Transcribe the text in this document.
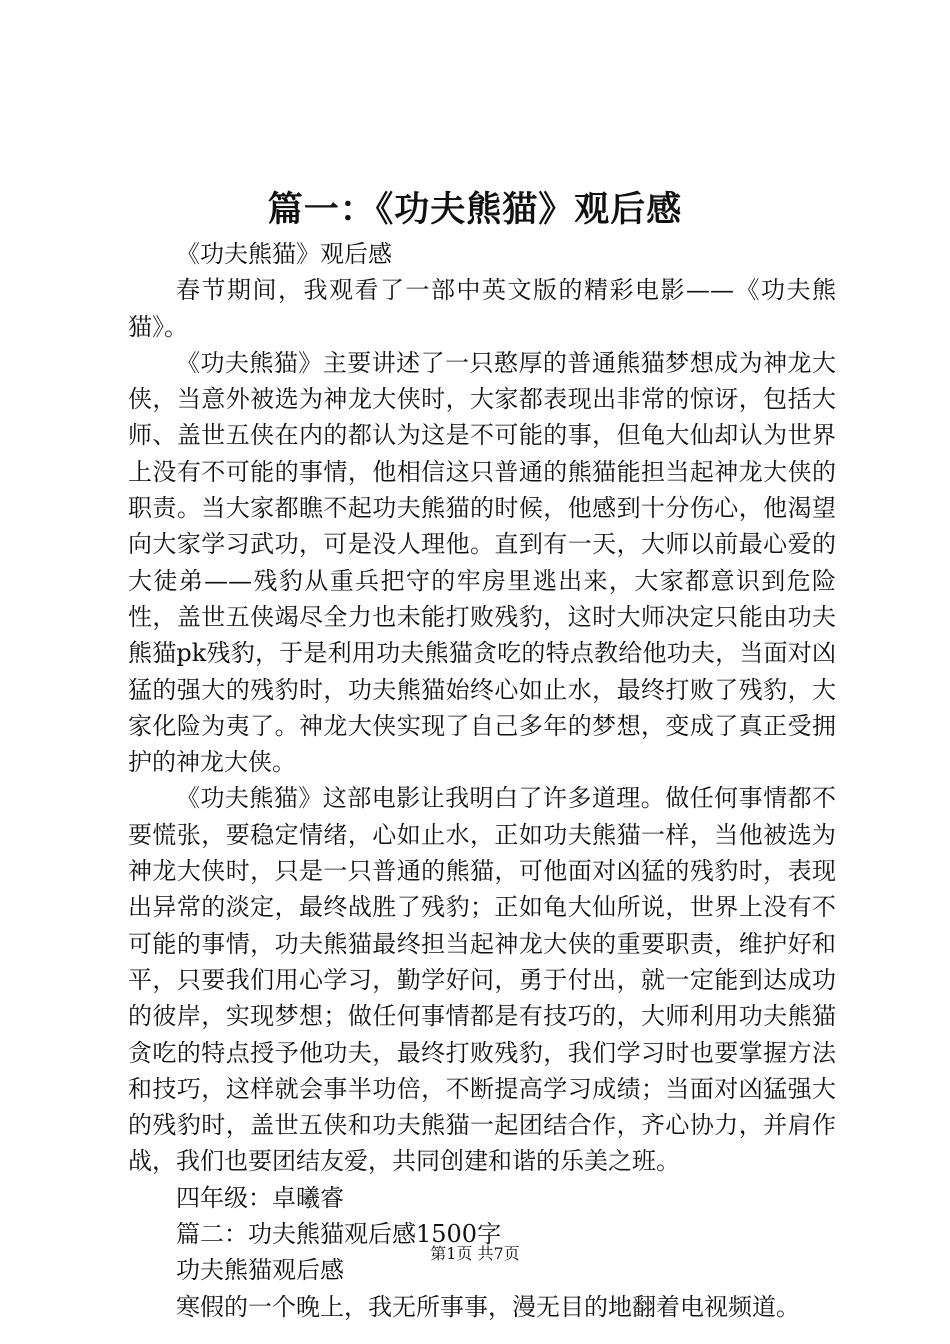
篇一：《功夫熊猫》观后感

《功夫熊猫》观后感

春节期间，我观看了一部中英文版的精彩电影——《功夫熊猫》。

《功夫熊猫》主要讲述了一只憨厚的普通熊猫梦想成为神龙大侠，当意外被选为神龙大侠时，大家都表现出非常的惊讶，包括大师、盖世五侠在内的都认为这是不可能的事，但龟大仙却认为世界上没有不可能的事情，他相信这只普通的熊猫能担当起神龙大侠的职责。当大家都瞧不起功夫熊猫的时候，他感到十分伤心，他渴望向大家学习武功，可是没人理他。直到有一天，大师以前最心爱的大徒弟——残豹从重兵把守的牢房里逃出来，大家都意识到危险性，盖世五侠竭尽全力也未能打败残豹，这时大师决定只能由功夫熊猫pk残豹，于是利用功夫熊猫贪吃的特点教给他功夫，当面对凶猛的强大的残豹时，功夫熊猫始终心如止水，最终打败了残豹，大家化险为夷了。神龙大侠实现了自己多年的梦想，变成了真正受拥护的神龙大侠。

《功夫熊猫》这部电影让我明白了许多道理。做任何事情都不要慌张，要稳定情绪，心如止水，正如功夫熊猫一样，当他被选为神龙大侠时，只是一只普通的熊猫，可他面对凶猛的残豹时，表现出异常的淡定，最终战胜了残豹；正如龟大仙所说，世界上没有不可能的事情，功夫熊猫最终担当起神龙大侠的重要职责，维护好和平，只要我们用心学习，勤学好问，勇于付出，就一定能到达成功的彼岸，实现梦想；做任何事情都是有技巧的，大师利用功夫熊猫贪吃的特点授予他功夫，最终打败残豹，我们学习时也要掌握方法和技巧，这样就会事半功倍，不断提高学习成绩；当面对凶猛强大的残豹时，盖世五侠和功夫熊猫一起团结合作，齐心协力，并肩作战，我们也要团结友爱，共同创建和谐的乐美之班。

四年级：卓曦睿

篇二：功夫熊猫观后感1500字

功夫熊猫观后感

寒假的一个晚上，我无所事事，漫无目的地翻着电视频道。

第1页 共7页
